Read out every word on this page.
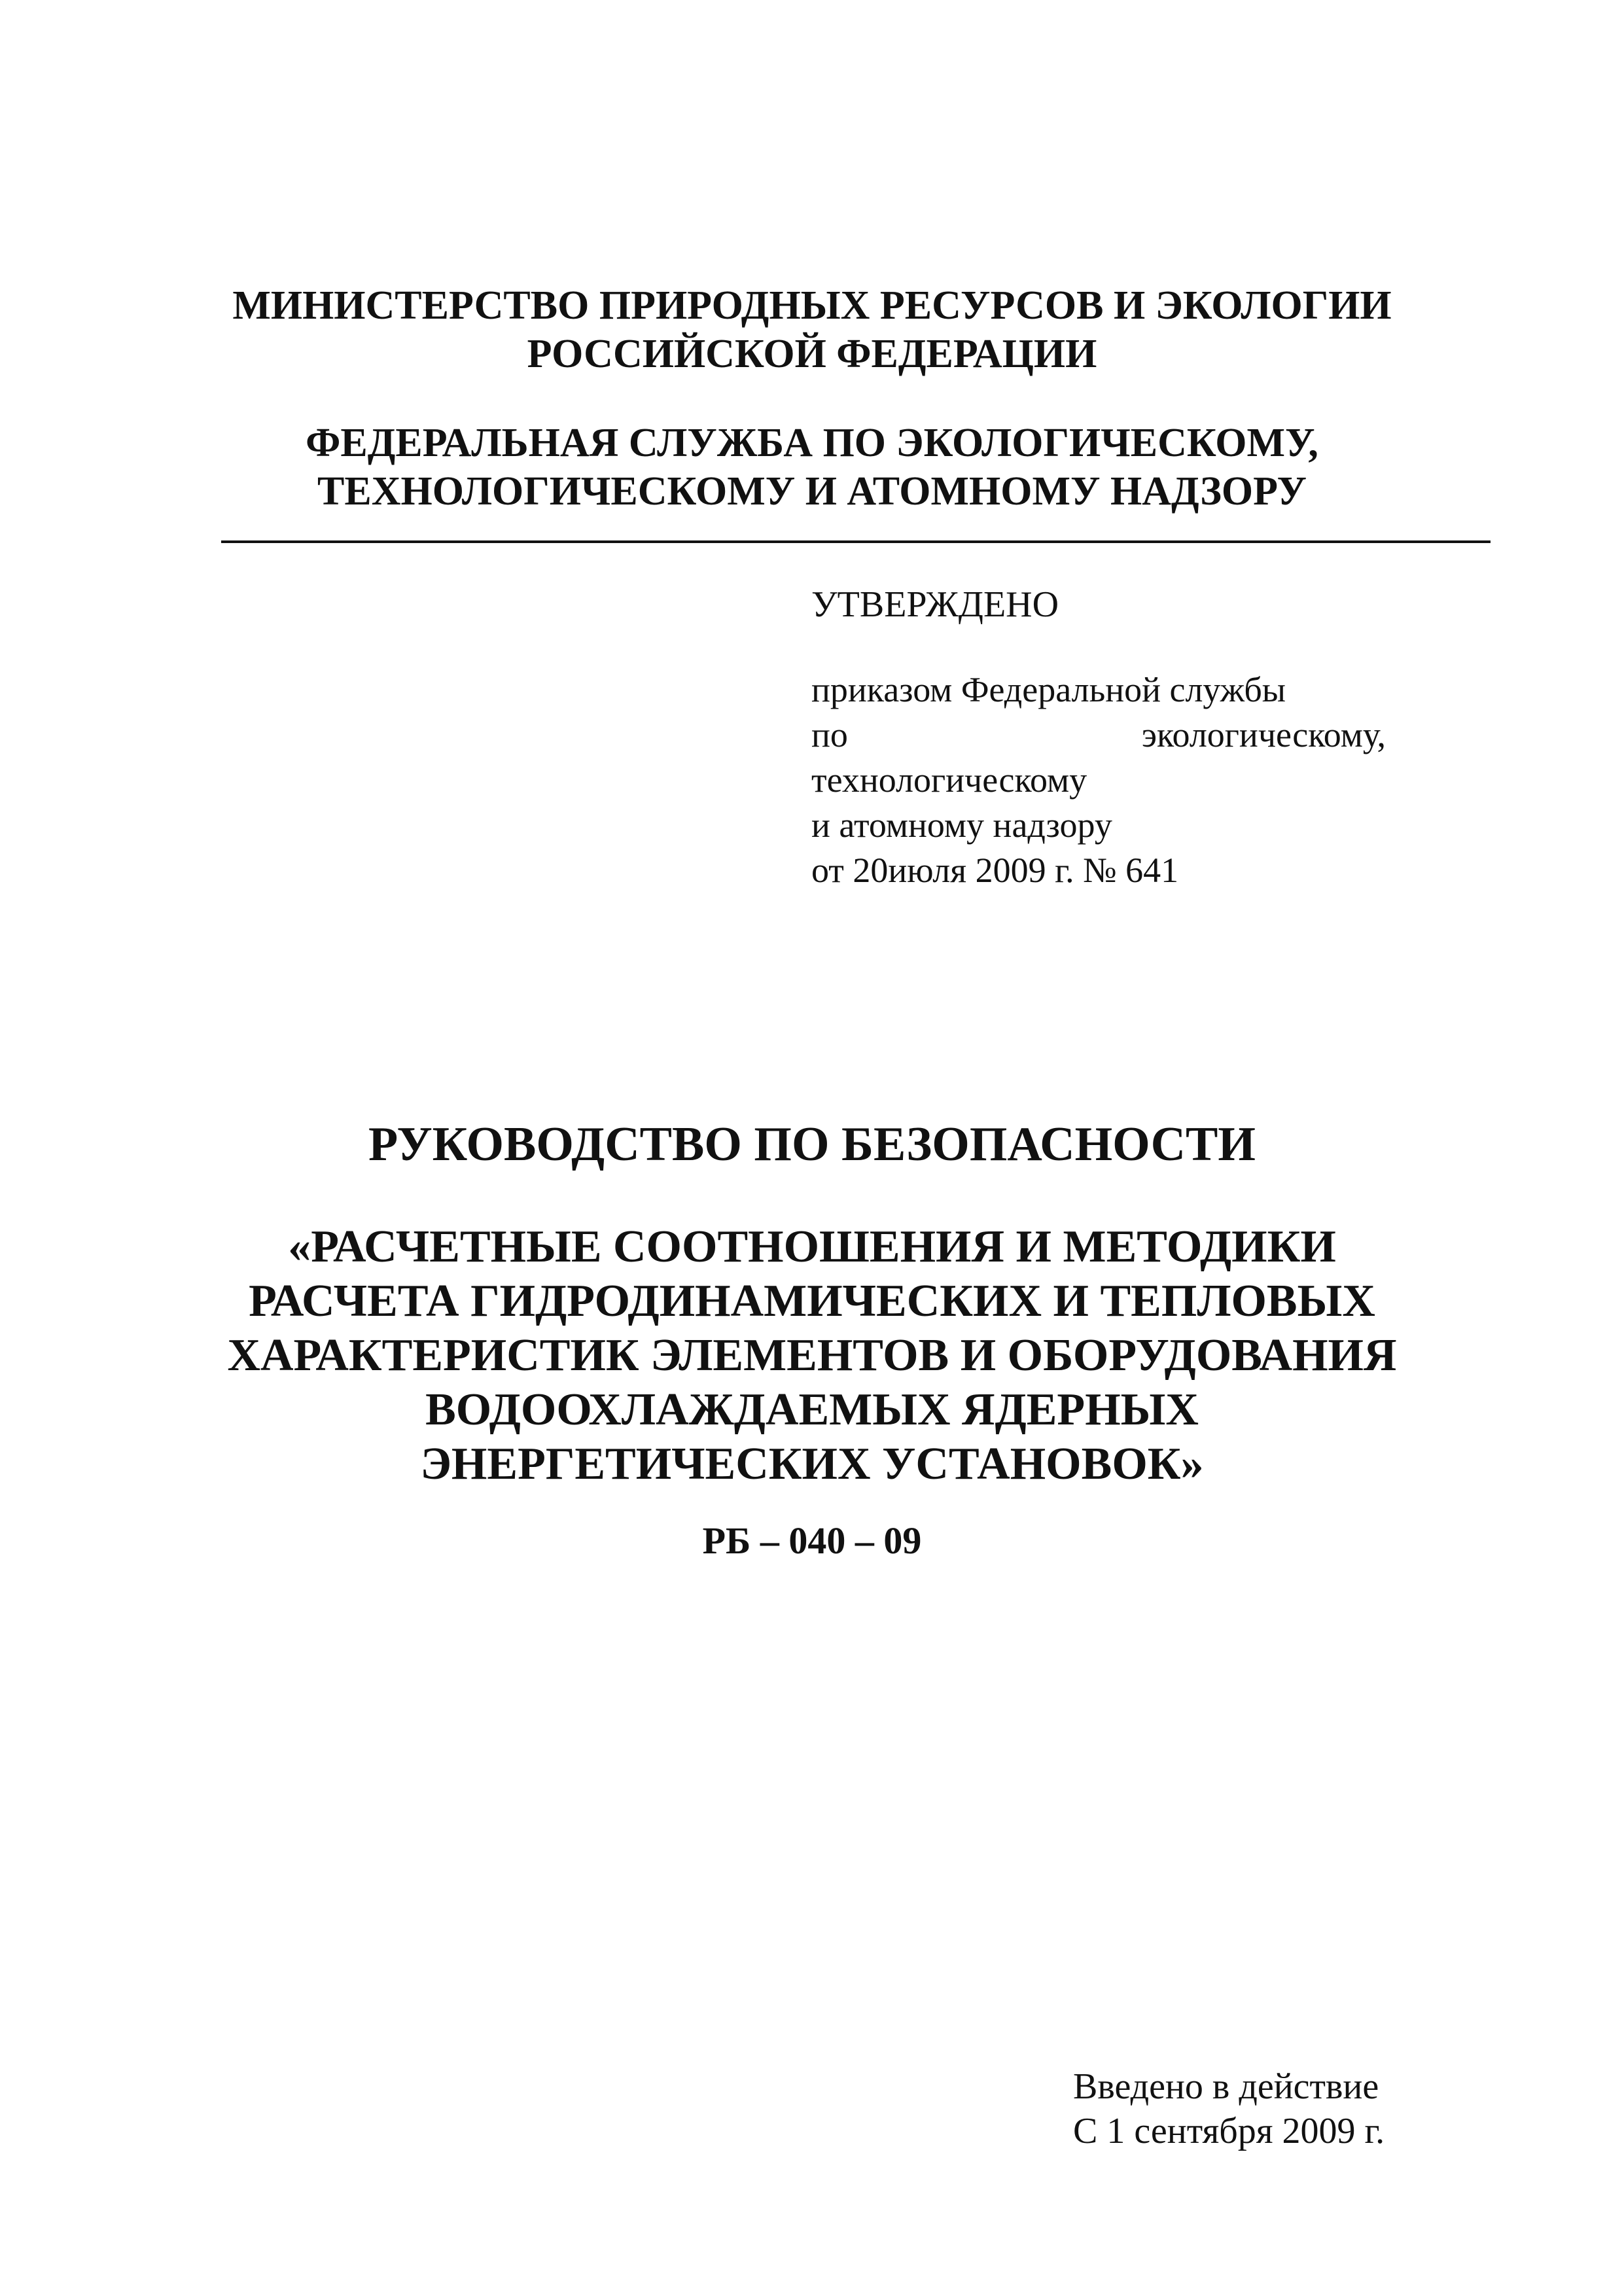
МИНИСТЕРСТВО ПРИРОДНЫХ РЕСУРСОВ И ЭКОЛОГИИ
РОССИЙСКОЙ ФЕДЕРАЦИИ
ФЕДЕРАЛЬНАЯ СЛУЖБА ПО ЭКОЛОГИЧЕСКОМУ,
ТЕХНОЛОГИЧЕСКОМУ И АТОМНОМУ НАДЗОРУ
УТВЕРЖДЕНО
приказом Федеральной службы
по	экологическому,
технологическому
и атомному надзору
от 20июля 2009 г. № 641
РУКОВОДСТВО ПО БЕЗОПАСНОСТИ
«РАСЧЕТНЫЕ СООТНОШЕНИЯ И МЕТОДИКИ
РАСЧЕТА ГИДРОДИНАМИЧЕСКИХ И ТЕПЛОВЫХ
ХАРАКТЕРИСТИК ЭЛЕМЕНТОВ И ОБОРУДОВАНИЯ
ВОДООХЛАЖДАЕМЫХ ЯДЕРНЫХ
ЭНЕРГЕТИЧЕСКИХ УСТАНОВОК»
РБ – 040 – 09
Введено в действие
С 1 сентября 2009 г.
